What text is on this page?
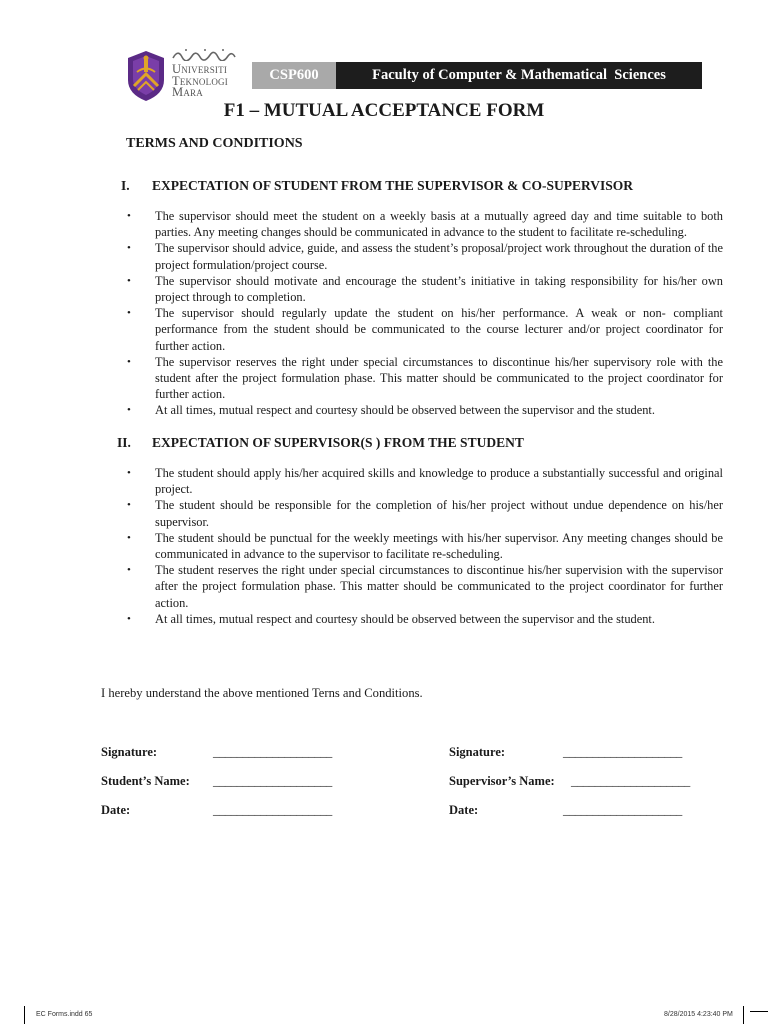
Universiti
Teknologi
Mara
CSP600	Faculty of Computer & Mathematical  Sciences
F1 – MUTUAL ACCEPTANCE FORM
TERMS AND CONDITIONS
I. EXPECTATION OF STUDENT FROM THE SUPERVISOR & CO-SUPERVISOR
• The supervisor should meet the student on a weekly basis at a mutually agreed day and time suitable to both parties. Any meeting changes should be communicated in advance to the student to facilitate re-scheduling.
• The supervisor should advice, guide, and assess the student’s proposal/project work throughout the duration of the project formulation/project course.
• The supervisor should motivate and encourage the student’s initiative in taking responsibility for his/her own project through to completion.
• The supervisor should regularly update the student on his/her performance. A weak or non- compliant performance from the student should be communicated to the course lecturer and/or project coordinator for further action.
• The supervisor reserves the right under special circumstances to discontinue his/her supervisory role with the student after the project formulation phase. This matter should be communicated to the project coordinator for further action.
• At all times, mutual respect and courtesy should be observed between the supervisor and the student.
II. EXPECTATION OF SUPERVISOR(S ) FROM THE STUDENT
• The student should apply his/her acquired skills and knowledge to produce a substantially successful and original project.
• The student should be responsible for the completion of his/her project without undue dependence on his/her supervisor.
• The student should be punctual for the weekly meetings with his/her supervisor. Any meeting changes should be communicated in advance to the supervisor to facilitate re-scheduling.
• The student reserves the right under special circumstances to discontinue his/her supervision with the supervisor after the project formulation phase. This matter should be communicated to the project coordinator for further action.
• At all times, mutual respect and courtesy should be observed between the supervisor and the student.
I hereby understand the above mentioned Terns and Conditions.
Signature:	____________________
Student’s Name: ____________________
Date:	____________________
Signature:	____________________
Supervisor’s Name: ____________________
Date:	____________________
EC Forms.indd 65	8/28/2015 4:23:40 PM
